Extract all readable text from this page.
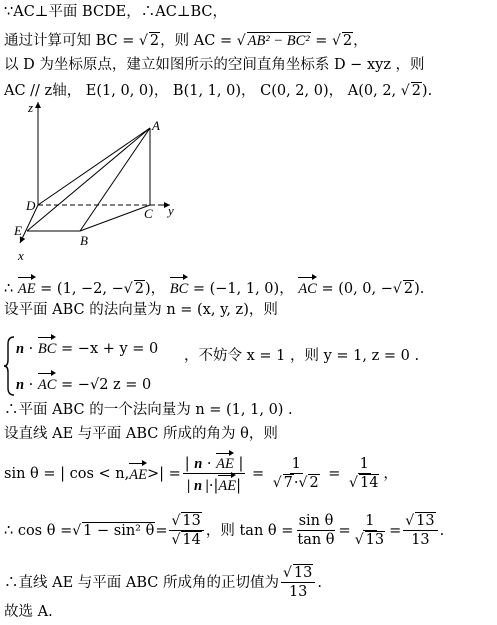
∵AC⊥平面 BCDE，∴AC⊥BC，
通过计算可知 BC = √ 2，则 AC = √ AB² − BC² = √ 2，
以 D 为坐标原点，建立如图所示的空间直角坐标系 D − xyz ，则
AC // z轴， E(1, 0, 0)， B(1, 1, 0)， C(0, 2, 0)， A(0, 2, √ 2).
z
A
D
C y
E
B
x
∴ AE = (1, −2, −√ 2)， BC = (−1, 1, 0)， AC = (0, 0, −√ 2).
设平面 ABC 的法向量为 n = (x, y, z)，则
n · BC = −x + y = 0 ，不妨令 x = 1 ，则 y = 1, z = 0 .
n · AC = −√2 z = 0
∴平面 ABC 的一个法向量为 n = (1, 1, 0) .
设直线 AE 与平面 ABC 所成的角为 θ，则
sin θ = | cos < n, AE >| = $\frac{| n \cdot AE |}{| n |\cdot|AE|} = \frac{1}{√ 7\cdot√ 2} = \frac{1}{√ 14}$ ，
∴ cos θ = √ 1 − sin² $\theta = \frac{√ 13}{√ 14}$ ，则 $\tan \theta = \frac{\text{sin θ}}{\text{tan θ}} = \frac{1}{√ 13} = \frac{√ 13}{13}$ .
∴直线 AE 与平面 ABC 所成角的正切值为 $\frac{√ 13}{13}$ .
故选 A.
